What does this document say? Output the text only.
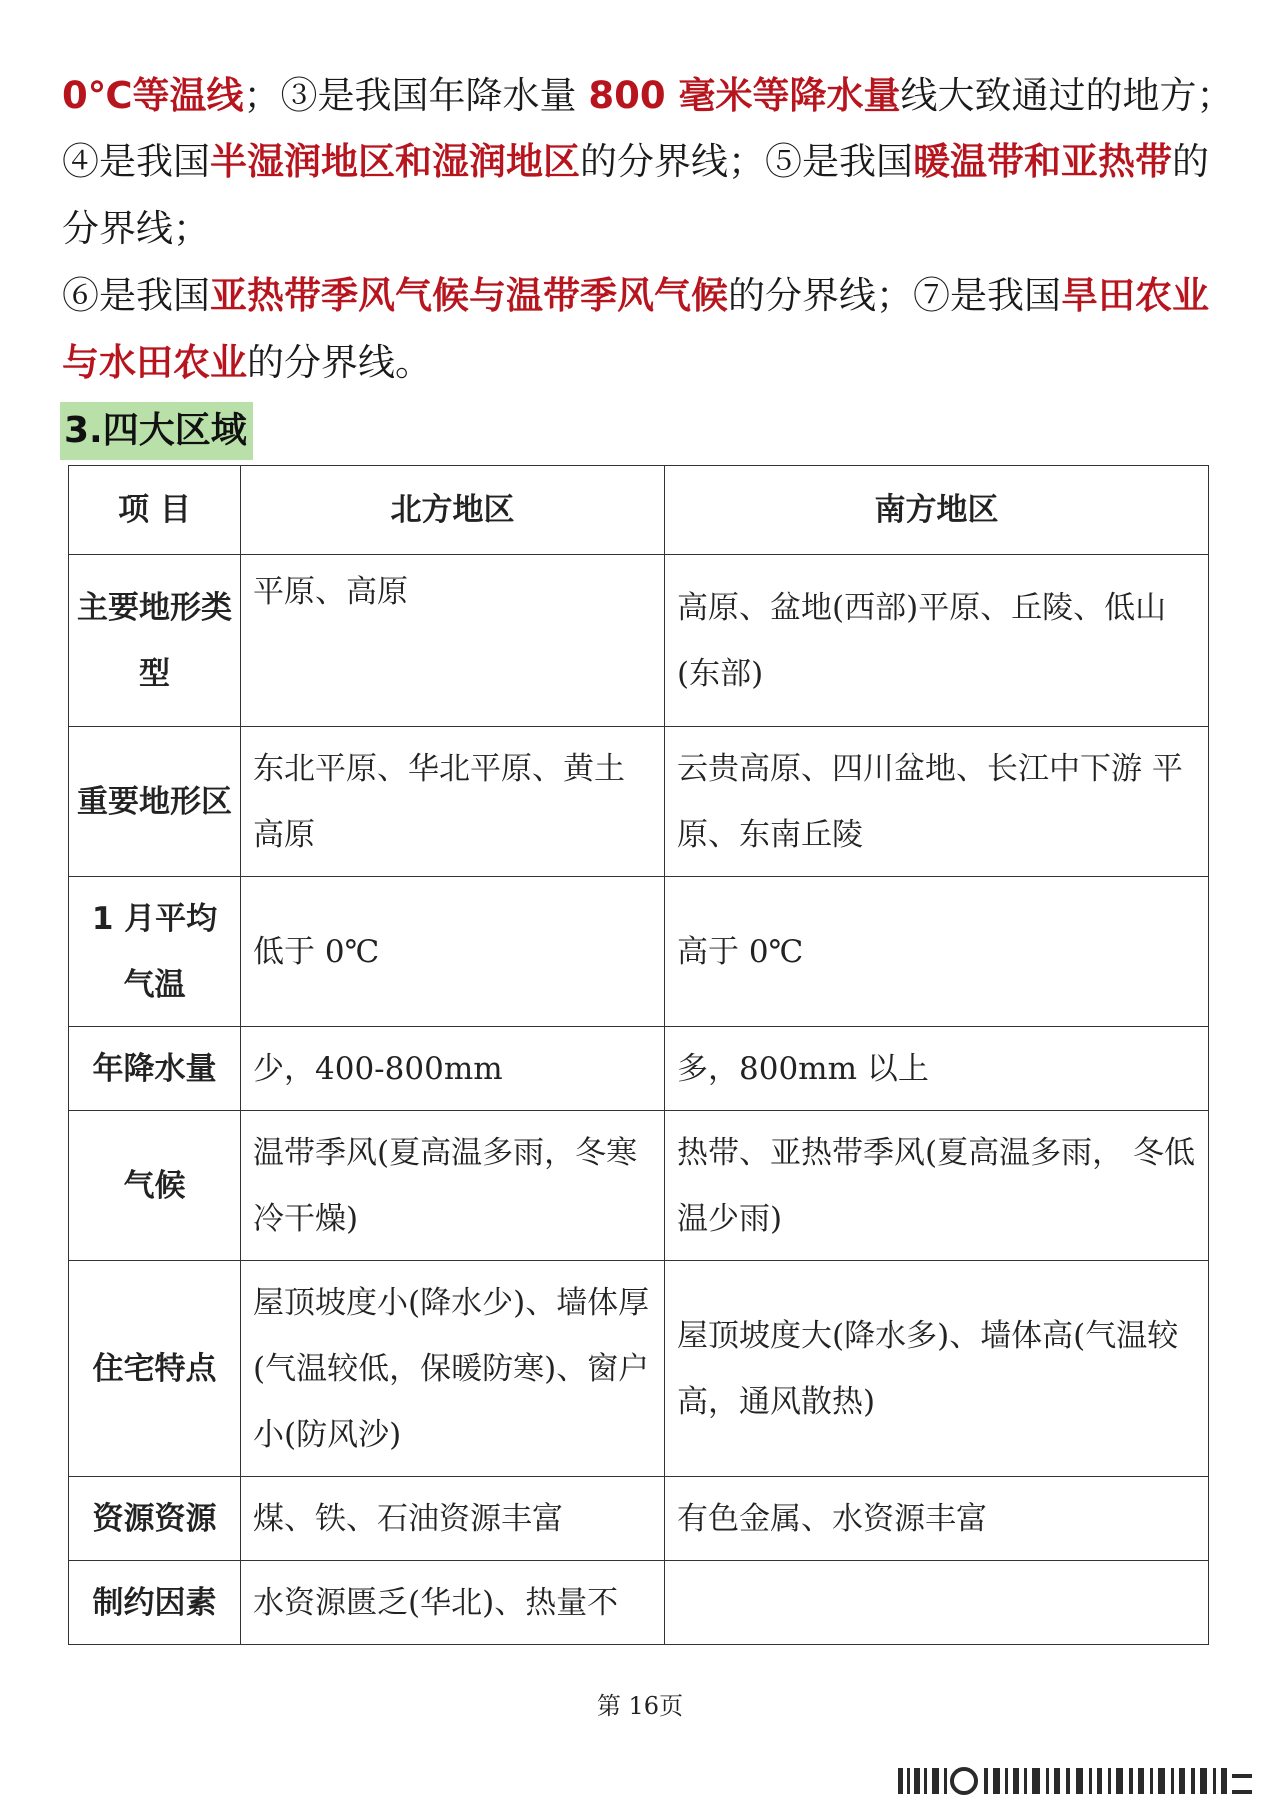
0℃等温线；③是我国年降水量 800 毫米等降水量线大致通过的地方；

④是我国半湿润地区和湿润地区的分界线；⑤是我国暖温带和亚热带的分界线；

⑥是我国亚热带季风气候与温带季风气候的分界线；⑦是我国旱田农业与水田农业的分界线。

3.四大区域
项 目	北方地区	南方地区
主要地形类型	平原、高原	高原、盆地(西部)平原、丘陵、低山(东部)
重要地形区	东北平原、华北平原、黄土高原	云贵高原、四川盆地、长江中下游 平原、东南丘陵
1 月平均气温	低于 0℃	高于 0℃
年降水量	少，400-800mm	多，800mm 以上
气候	温带季风(夏高温多雨，冬寒冷干燥)	热带、亚热带季风(夏高温多雨， 冬低温少雨)
住宅特点	屋顶坡度小(降水少)、墙体厚(气温较低，保暖防寒)、窗户小(防风沙)	屋顶坡度大(降水多)、墙体高(气温较高，通风散热)
资源资源	煤、铁、石油资源丰富	有色金属、水资源丰富
制约因素	水资源匮乏(华北)、热量不	
第 16页
